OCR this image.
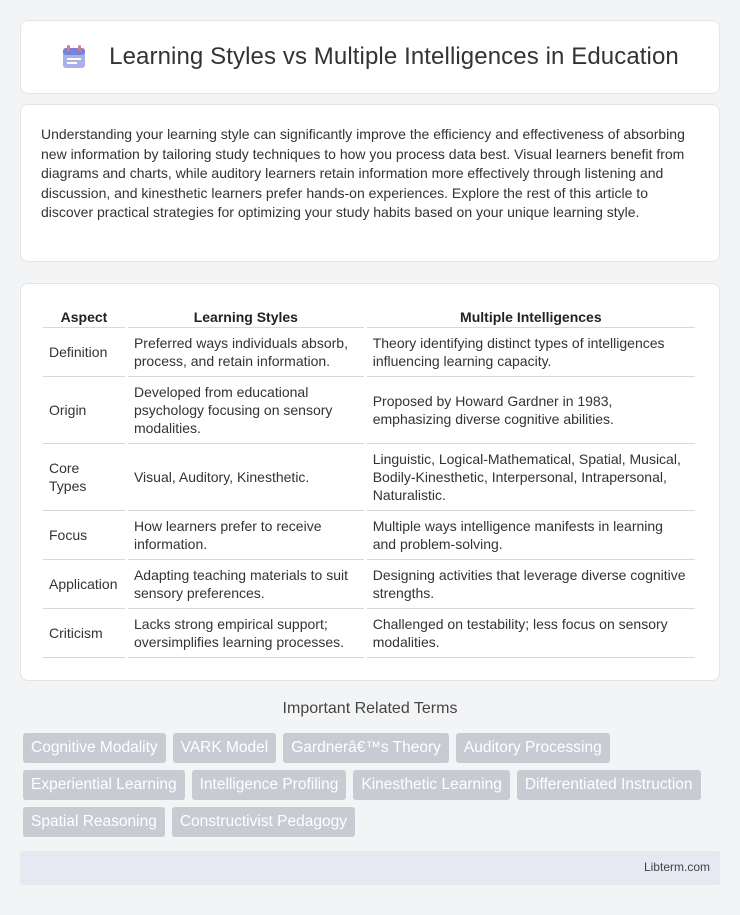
Learning Styles vs Multiple Intelligences in Education

Understanding your learning style can significantly improve the efficiency and effectiveness of absorbing new information by tailoring study techniques to how you process data best. Visual learners benefit from diagrams and charts, while auditory learners retain information more effectively through listening and discussion, and kinesthetic learners prefer hands-on experiences. Explore the rest of this article to discover practical strategies for optimizing your study habits based on your unique learning style.

Aspect	Learning Styles	Multiple Intelligences
Definition	Preferred ways individuals absorb, process, and retain information.	Theory identifying distinct types of intelligences influencing learning capacity.
Origin	Developed from educational psychology focusing on sensory modalities.	Proposed by Howard Gardner in 1983, emphasizing diverse cognitive abilities.
Core Types	Visual, Auditory, Kinesthetic.	Linguistic, Logical-Mathematical, Spatial, Musical, Bodily-Kinesthetic, Interpersonal, Intrapersonal, Naturalistic.
Focus	How learners prefer to receive information.	Multiple ways intelligence manifests in learning and problem-solving.
Application	Adapting teaching materials to suit sensory preferences.	Designing activities that leverage diverse cognitive strengths.
Criticism	Lacks strong empirical support; oversimplifies learning processes.	Challenged on testability; less focus on sensory modalities.
Important Related Terms
Cognitive Modality	VARK Model	Gardnerâ€™s Theory	Auditory Processing
Experiential Learning	Intelligence Profiling	Kinesthetic Learning	Differentiated Instruction
Spatial Reasoning	Constructivist Pedagogy
Libterm.com
